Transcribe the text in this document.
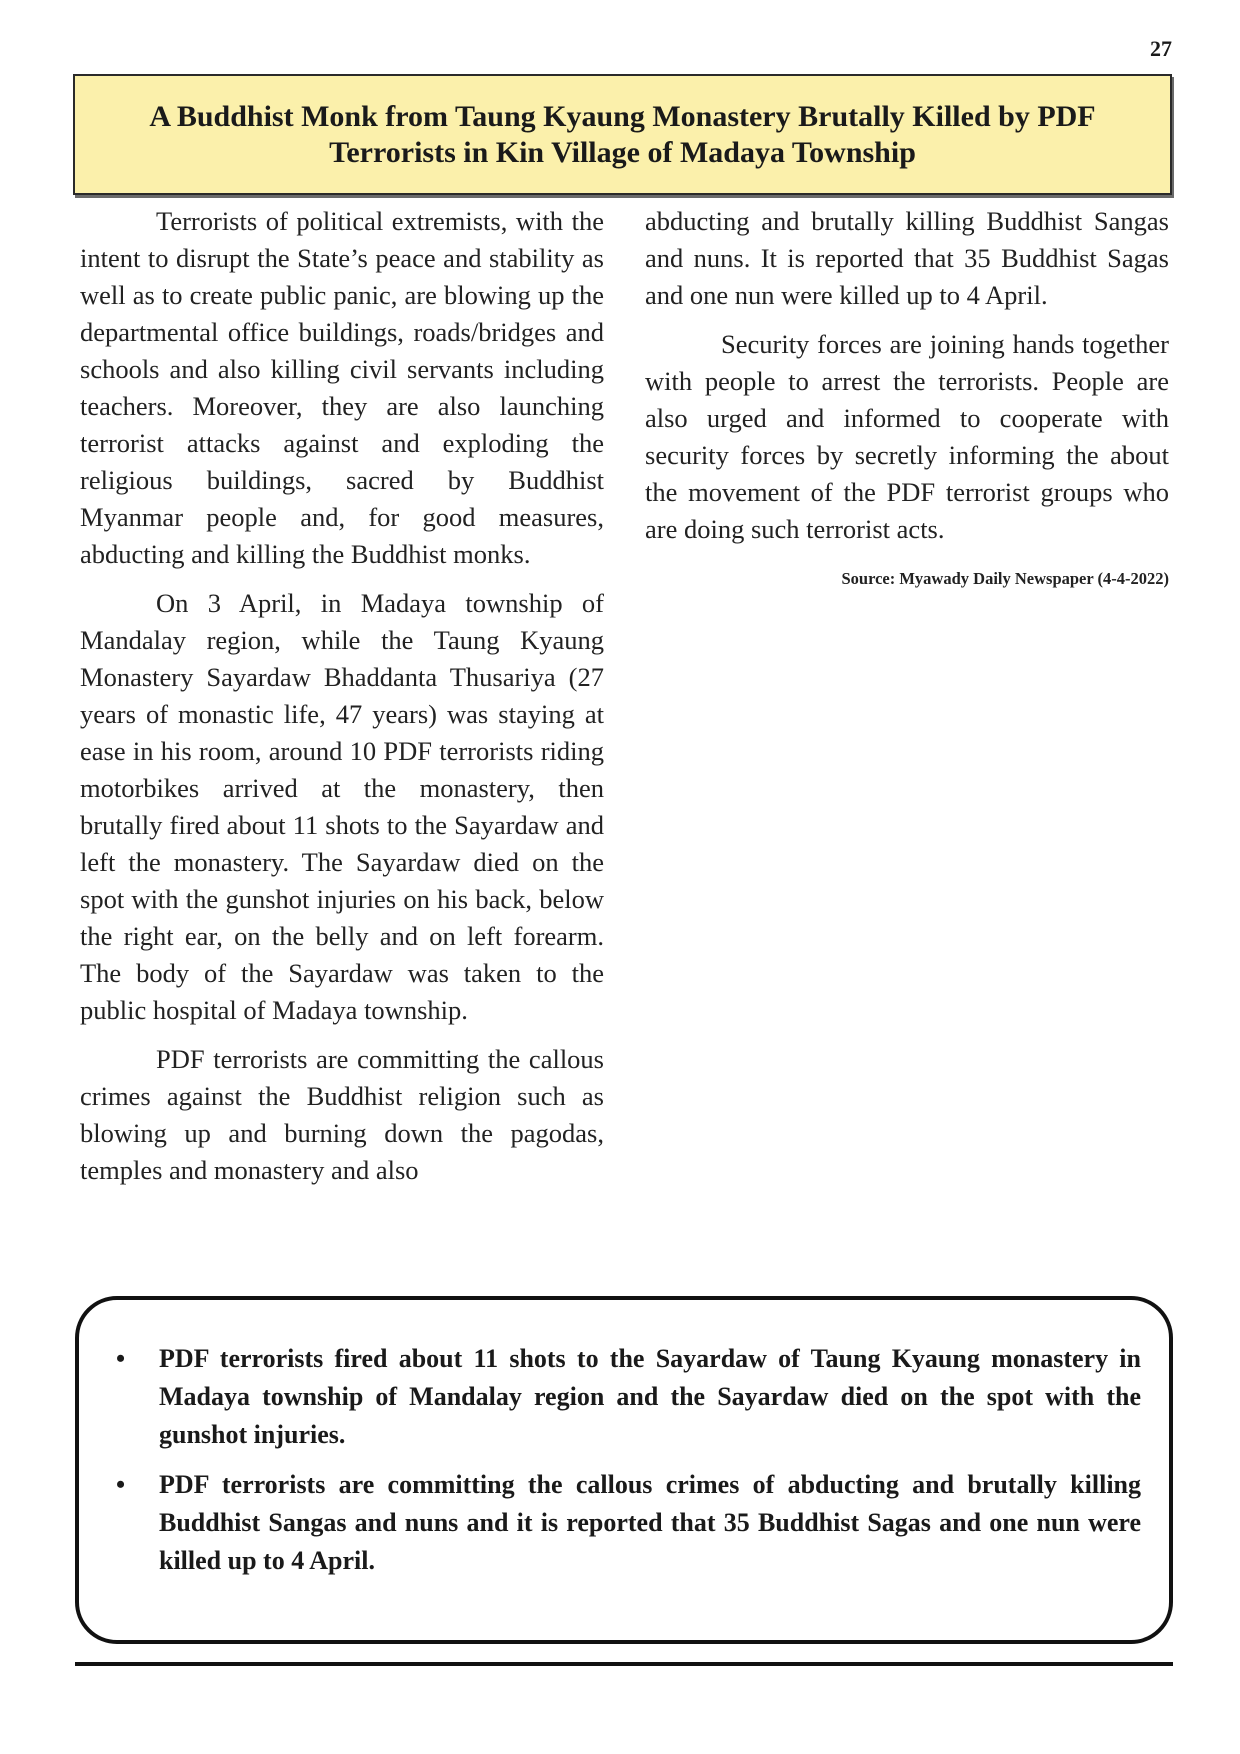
27
A Buddhist Monk from Taung Kyaung Monastery Brutally Killed by PDF Terrorists in Kin Village of Madaya Township

Terrorists of political extremists, with the intent to disrupt the State’s peace and stability as well as to create public panic, are blowing up the departmental office buildings, roads/bridges and schools and also killing civil servants including teachers. Moreover, they are also launching terrorist attacks against and exploding the religious buildings, sacred by Buddhist Myanmar people and, for good measures, abducting and killing the Buddhist monks.

On 3 April, in Madaya township of Mandalay region, while the Taung Kyaung Monastery Sayardaw Bhaddanta Thusariya (27 years of monastic life, 47 years) was staying at ease in his room, around 10 PDF terrorists riding motorbikes arrived at the monastery, then brutally fired about 11 shots to the Sayardaw and left the monastery. The Sayardaw died on the spot with the gunshot injuries on his back, below the right ear, on the belly and on left forearm. The body of the Sayardaw was taken to the public hospital of Madaya township.

PDF terrorists are committing the callous crimes against the Buddhist religion such as blowing up and burning down the pagodas, temples and monastery and also

abducting and brutally killing Buddhist Sangas and nuns. It is reported that 35 Buddhist Sagas and one nun were killed up to 4 April.

Security forces are joining hands together with people to arrest the terrorists. People are also urged and informed to cooperate with security forces by secretly informing the about the movement of the PDF terrorist groups who are doing such terrorist acts.

Source: Myawady Daily Newspaper (4-4-2022)

• PDF terrorists fired about 11 shots to the Sayardaw of Taung Kyaung monastery in Madaya township of Mandalay region and the Sayardaw died on the spot with the gunshot injuries.
• PDF terrorists are committing the callous crimes of abducting and brutally killing Buddhist Sangas and nuns and it is reported that 35 Buddhist Sagas and one nun were killed up to 4 April.
